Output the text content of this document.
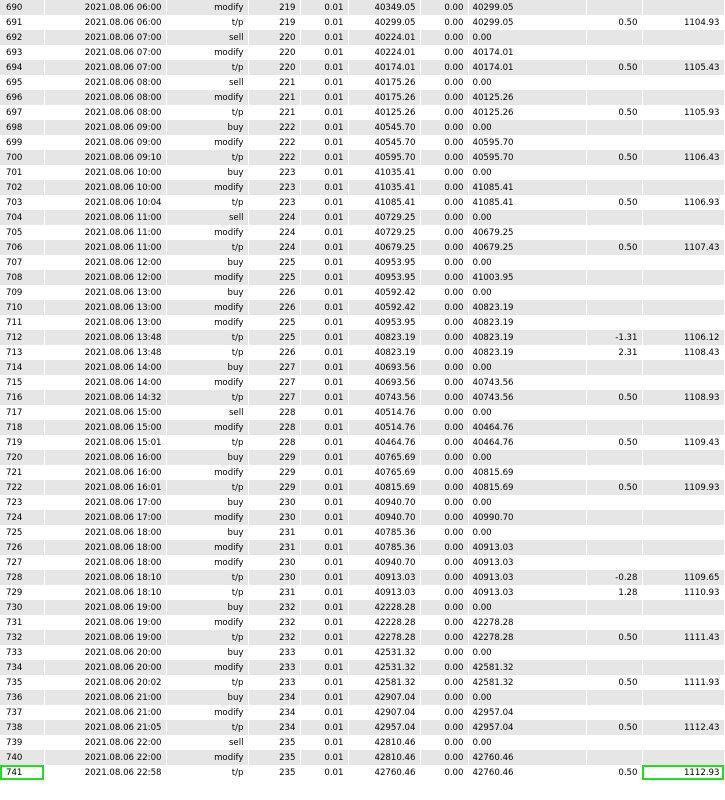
690	2021.08.06 06:00	modify	219	0.01	40349.05	0.00	40299.05		
691	2021.08.06 06:00	t/p	219	0.01	40299.05	0.00	40299.05	0.50	1104.93
692	2021.08.06 07:00	sell	220	0.01	40224.01	0.00	0.00		
693	2021.08.06 07:00	modify	220	0.01	40224.01	0.00	40174.01		
694	2021.08.06 07:00	t/p	220	0.01	40174.01	0.00	40174.01	0.50	1105.43
695	2021.08.06 08:00	sell	221	0.01	40175.26	0.00	0.00		
696	2021.08.06 08:00	modify	221	0.01	40175.26	0.00	40125.26		
697	2021.08.06 08:00	t/p	221	0.01	40125.26	0.00	40125.26	0.50	1105.93
698	2021.08.06 09:00	buy	222	0.01	40545.70	0.00	0.00		
699	2021.08.06 09:00	modify	222	0.01	40545.70	0.00	40595.70		
700	2021.08.06 09:10	t/p	222	0.01	40595.70	0.00	40595.70	0.50	1106.43
701	2021.08.06 10:00	buy	223	0.01	41035.41	0.00	0.00		
702	2021.08.06 10:00	modify	223	0.01	41035.41	0.00	41085.41		
703	2021.08.06 10:04	t/p	223	0.01	41085.41	0.00	41085.41	0.50	1106.93
704	2021.08.06 11:00	sell	224	0.01	40729.25	0.00	0.00		
705	2021.08.06 11:00	modify	224	0.01	40729.25	0.00	40679.25		
706	2021.08.06 11:00	t/p	224	0.01	40679.25	0.00	40679.25	0.50	1107.43
707	2021.08.06 12:00	buy	225	0.01	40953.95	0.00	0.00		
708	2021.08.06 12:00	modify	225	0.01	40953.95	0.00	41003.95		
709	2021.08.06 13:00	buy	226	0.01	40592.42	0.00	0.00		
710	2021.08.06 13:00	modify	226	0.01	40592.42	0.00	40823.19		
711	2021.08.06 13:00	modify	225	0.01	40953.95	0.00	40823.19		
712	2021.08.06 13:48	t/p	225	0.01	40823.19	0.00	40823.19	-1.31	1106.12
713	2021.08.06 13:48	t/p	226	0.01	40823.19	0.00	40823.19	2.31	1108.43
714	2021.08.06 14:00	buy	227	0.01	40693.56	0.00	0.00		
715	2021.08.06 14:00	modify	227	0.01	40693.56	0.00	40743.56		
716	2021.08.06 14:32	t/p	227	0.01	40743.56	0.00	40743.56	0.50	1108.93
717	2021.08.06 15:00	sell	228	0.01	40514.76	0.00	0.00		
718	2021.08.06 15:00	modify	228	0.01	40514.76	0.00	40464.76		
719	2021.08.06 15:01	t/p	228	0.01	40464.76	0.00	40464.76	0.50	1109.43
720	2021.08.06 16:00	buy	229	0.01	40765.69	0.00	0.00		
721	2021.08.06 16:00	modify	229	0.01	40765.69	0.00	40815.69		
722	2021.08.06 16:01	t/p	229	0.01	40815.69	0.00	40815.69	0.50	1109.93
723	2021.08.06 17:00	buy	230	0.01	40940.70	0.00	0.00		
724	2021.08.06 17:00	modify	230	0.01	40940.70	0.00	40990.70		
725	2021.08.06 18:00	buy	231	0.01	40785.36	0.00	0.00		
726	2021.08.06 18:00	modify	231	0.01	40785.36	0.00	40913.03		
727	2021.08.06 18:00	modify	230	0.01	40940.70	0.00	40913.03		
728	2021.08.06 18:10	t/p	230	0.01	40913.03	0.00	40913.03	-0.28	1109.65
729	2021.08.06 18:10	t/p	231	0.01	40913.03	0.00	40913.03	1.28	1110.93
730	2021.08.06 19:00	buy	232	0.01	42228.28	0.00	0.00		
731	2021.08.06 19:00	modify	232	0.01	42228.28	0.00	42278.28		
732	2021.08.06 19:00	t/p	232	0.01	42278.28	0.00	42278.28	0.50	1111.43
733	2021.08.06 20:00	buy	233	0.01	42531.32	0.00	0.00		
734	2021.08.06 20:00	modify	233	0.01	42531.32	0.00	42581.32		
735	2021.08.06 20:02	t/p	233	0.01	42581.32	0.00	42581.32	0.50	1111.93
736	2021.08.06 21:00	buy	234	0.01	42907.04	0.00	0.00		
737	2021.08.06 21:00	modify	234	0.01	42907.04	0.00	42957.04		
738	2021.08.06 21:05	t/p	234	0.01	42957.04	0.00	42957.04	0.50	1112.43
739	2021.08.06 22:00	sell	235	0.01	42810.46	0.00	0.00		
740	2021.08.06 22:00	modify	235	0.01	42810.46	0.00	42760.46		
741	2021.08.06 22:58	t/p	235	0.01	42760.46	0.00	42760.46	0.50	1112.93
